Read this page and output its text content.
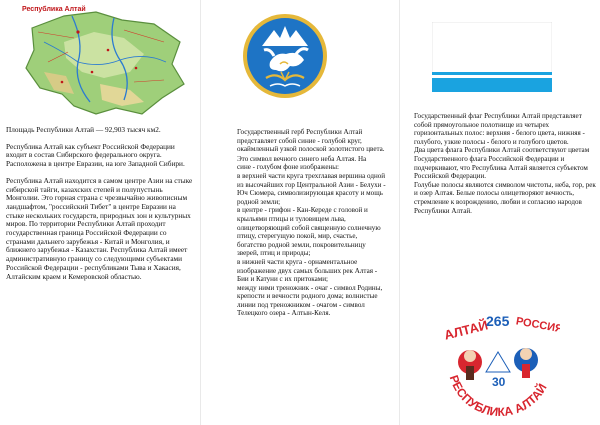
Республика Алтай

Площадь Республики Алтай — 92,903 тысяч км2.

Республика Алтай как субъект Российской Федерации входит в состав Сибирского федерального округа. Расположена в центре Евразии, на юге Западной Сибири.

Республика Алтай находится в самом центре Азии на стыке сибирской тайги, казахских степей и полупустынь Монголии. Это горная страна с чрезвычайно живописным ландшафтом, "российский Тибет" в центре Евразии на стыке нескольких государств, природных зон и культурных миров. По территории Республики Алтай проходит государственная граница Российской Федерации со странами дальнего зарубежья - Китай и Монголия, и ближнего зарубежья - Казахстан. Республика Алтай имеет административную границу со следующими субъектами Российской Федерации - республиками Тыва и Хакасия, Алтайским краем и Кемеровской областью.

Государственный герб Республики Алтай представляет собой синие - голубой круг, окаймленный узкой полоской золотистого цвета.

Это символ вечного синего неба Алтая. На

сине - голубом фоне изображены:

в верхней части круга трехглавая вершина одной из высочайших гор Центральной Азии - Белухи - Юч Сюмера, символизирующая красоту и мощь родной земли;

в центре - грифон - Кан-Кереде с головой и крыльями птицы и туловищем льва, олицетворяющий собой священную солнечную птицу, стерегущую покой, мир, счастье, богатство родной земли, покровительницу зверей, птиц и природы;

в нижней части круга - орнаментальное изображение двух самых больших рек Алтая - Бии и Катуни с их притоками;

между ними треножник - очаг - символ Родины, крепости и вечности родного дома; волнистые линии под треножником - очагом - символ Телецкого озера - Алтын-Келя.

Государственный флаг Республики Алтай представляет собой прямоугольное полотнище из четырех горизонтальных полос: верхняя - белого цвета, нижняя - голубого, узкие полосы - белого и голубого цветов.

Два цвета флага Республики Алтай соответствуют цветам Государственного флага Российской Федерации и подчеркивают, что Республика Алтай является субъектом Российской Федерации.

Голубые полосы являются символом чистоты, неба, гор, рек и озер Алтая. Белые полосы олицетворяют вечность, стремление к возрождению, любви и согласию народов Республики Алтай.

АЛТАЙ
265 РОССИЯ
30
РЕСПУБЛИКА АЛТАЙ
